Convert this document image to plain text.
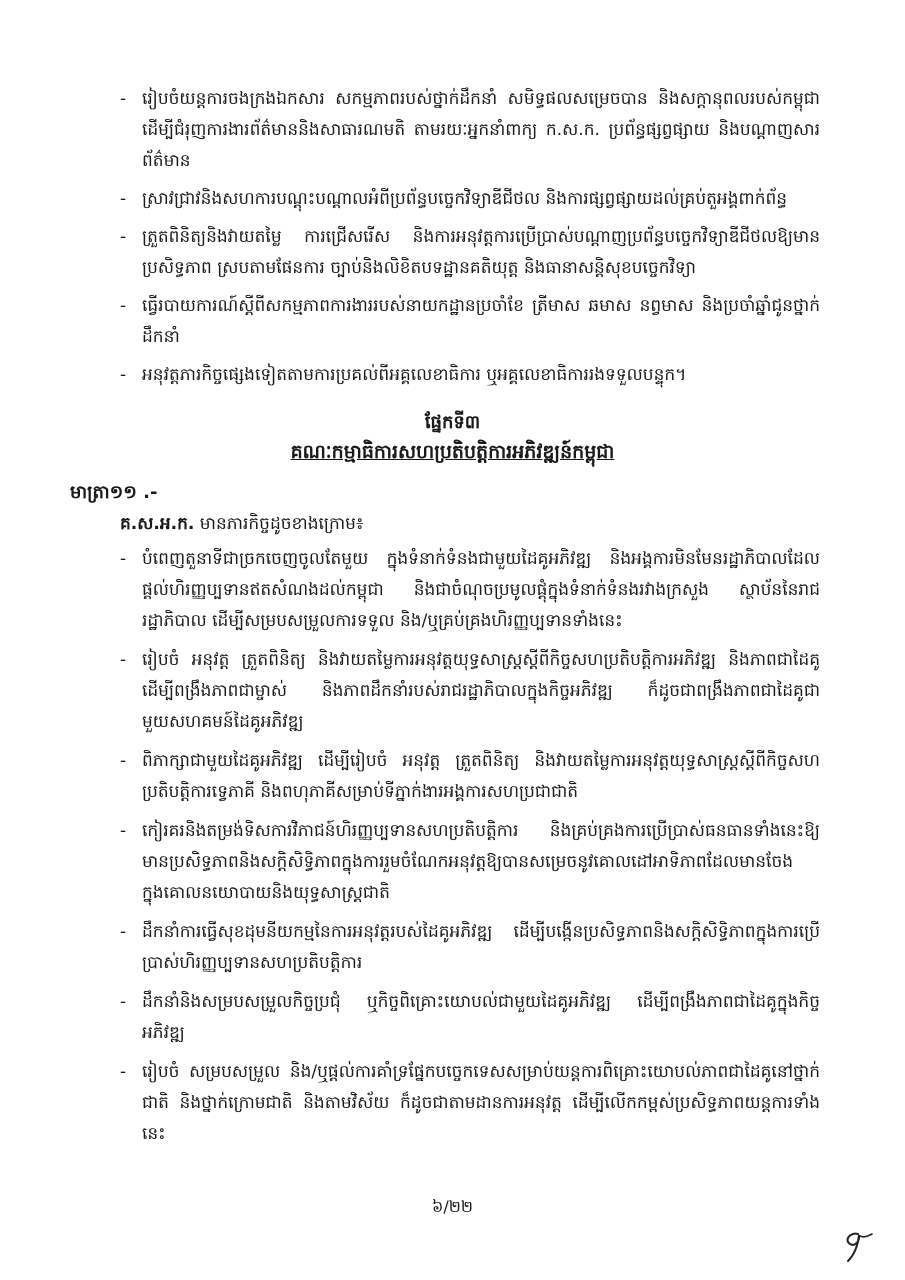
- រៀបចំយន្តការចងក្រងឯកសារ សកម្មភាពរបស់ថ្នាក់ដឹកនាំ សមិទ្ធផលសម្រេចបាន និងសក្ដានុពលរបស់កម្ពុជា ដើម្បីជំរុញការងារព័ត៌មាននិងសាធារណមតិ តាមរយៈអ្នកនាំពាក្យ ក.ស.ក. ប្រព័ន្ធផ្សព្វផ្សាយ និងបណ្ដាញសារព័ត៌មាន
- ស្រាវជ្រាវនិងសហការបណ្ដុះបណ្ដាលអំពីប្រព័ន្ធបច្ចេកវិទ្យាឌីជីថល និងការផ្សព្វផ្សាយដល់គ្រប់តួអង្គពាក់ព័ន្ធ
- ត្រួតពិនិត្យនិងវាយតម្លៃ ការជ្រើសរើស និងការអនុវត្តការប្រើប្រាស់បណ្ដាញប្រព័ន្ធបច្ចេកវិទ្យាឌីជីថលឱ្យមានប្រសិទ្ធភាព ស្របតាមផែនការ ច្បាប់និងលិខិតបទដ្ឋានគតិយុត្ត និងធានាសន្តិសុខបច្ចេកវិទ្យា
- ធ្វើរបាយការណ៍ស្ដីពីសកម្មភាពការងាររបស់នាយកដ្ឋានប្រចាំខែ ត្រីមាស ឆមាស នព្វមាស និងប្រចាំឆ្នាំជូនថ្នាក់ដឹកនាំ
- អនុវត្តភារកិច្ចផ្សេងទៀតតាមការប្រគល់ពីអគ្គលេខាធិការ ឬអគ្គលេខាធិការរងទទួលបន្ទុក។
ផ្នែកទី៣
គណៈកម្មាធិការសហប្រតិបត្តិការអភិវឌ្ឍន៍កម្ពុជា
មាត្រា១១ .-
គ.ស.អ.ក. មានភារកិច្ចដូចខាងក្រោម៖
- បំពេញតួនាទីជាច្រកចេញចូលតែមួយ ក្នុងទំនាក់ទំនងជាមួយដៃគូអភិវឌ្ឍ និងអង្គការមិនមែនរដ្ឋាភិបាលដែលផ្ដល់ហិរញ្ញប្បទានឥតសំណងដល់កម្ពុជា និងជាចំណុចប្រមូលផ្ដុំក្នុងទំនាក់ទំនងរវាងក្រសួង ស្ថាប័ននៃរាជរដ្ឋាភិបាល ដើម្បីសម្របសម្រួលការទទួល និង/ឬគ្រប់គ្រងហិរញ្ញប្បទានទាំងនេះ
- រៀបចំ អនុវត្ត ត្រួតពិនិត្យ និងវាយតម្លៃការអនុវត្តយុទ្ធសាស្ត្រស្ដីពីកិច្ចសហប្រតិបត្តិការអភិវឌ្ឍ និងភាពជាដៃគូ ដើម្បីពង្រឹងភាពជាម្ចាស់ និងភាពដឹកនាំរបស់រាជរដ្ឋាភិបាលក្នុងកិច្ចអភិវឌ្ឍ ក៏ដូចជាពង្រឹងភាពជាដៃគូជាមួយសហគមន៍ដៃគូអភិវឌ្ឍ
- ពិភាក្សាជាមួយដៃគូអភិវឌ្ឍ ដើម្បីរៀបចំ អនុវត្ត ត្រួតពិនិត្យ និងវាយតម្លៃការអនុវត្តយុទ្ធសាស្ត្រស្ដីពីកិច្ចសហប្រតិបត្តិការទ្វេភាគី និងពហុភាគីសម្រាប់ទីភ្នាក់ងារអង្គការសហប្រជាជាតិ
- កៀរគរនិងតម្រង់ទិសការវិភាជន៍ហិរញ្ញប្បទានសហប្រតិបត្តិការ និងគ្រប់គ្រងការប្រើប្រាស់ធនធានទាំងនេះឱ្យមានប្រសិទ្ធភាពនិងសក្ដិសិទ្ធិភាពក្នុងការរួមចំណែកអនុវត្តឱ្យបានសម្រេចនូវគោលដៅអាទិភាពដែលមានចែងក្នុងគោលនយោបាយនិងយុទ្ធសាស្ត្រជាតិ
- ដឹកនាំការធ្វើសុខដុមនីយកម្មនៃការអនុវត្តរបស់ដៃគូអភិវឌ្ឍ ដើម្បីបង្កើនប្រសិទ្ធភាពនិងសក្ដិសិទ្ធិភាពក្នុងការប្រើប្រាស់ហិរញ្ញប្បទានសហប្រតិបត្តិការ
- ដឹកនាំនិងសម្របសម្រួលកិច្ចប្រជុំ ឬកិច្ចពិគ្រោះយោបល់ជាមួយដៃគូអភិវឌ្ឍ ដើម្បីពង្រឹងភាពជាដៃគូក្នុងកិច្ចអភិវឌ្ឍ
- រៀបចំ សម្របសម្រួល និង/ឬផ្ដល់ការគាំទ្រផ្នែកបច្ចេកទេសសម្រាប់យន្តការពិគ្រោះយោបល់ភាពជាដៃគូនៅថ្នាក់ជាតិ និងថ្នាក់ក្រោមជាតិ និងតាមវិស័យ ក៏ដូចជាតាមដានការអនុវត្ត ដើម្បីលើកកម្ពស់ប្រសិទ្ធភាពយន្តការទាំងនេះ
៦/២២
